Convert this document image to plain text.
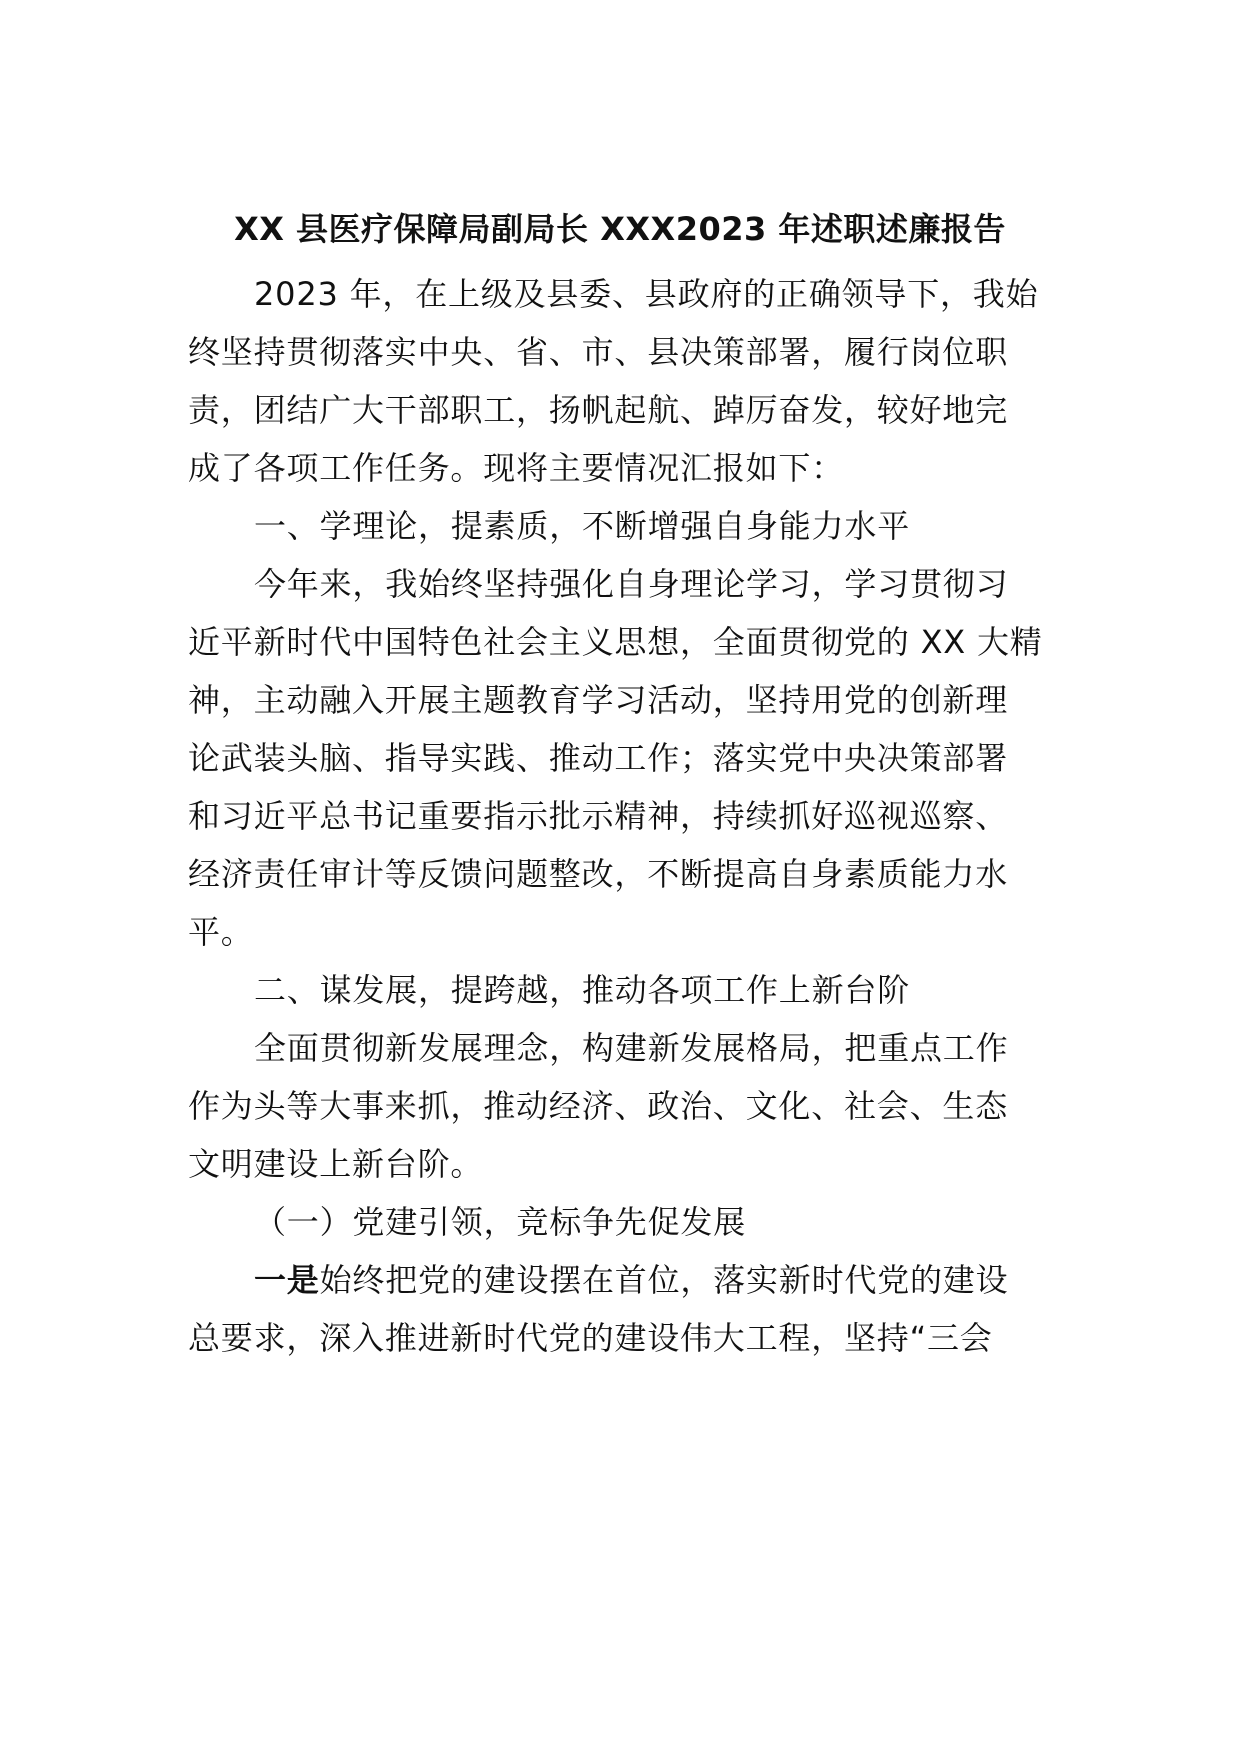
XX 县医疗保障局副局长 XXX2023 年述职述廉报告
2023 年，在上级及县委、县政府的正确领导下，我始
终坚持贯彻落实中央、省、市、县决策部署，履行岗位职
责，团结广大干部职工，扬帆起航、踔厉奋发，较好地完
成了各项工作任务。现将主要情况汇报如下：
一、学理论，提素质，不断增强自身能力水平
今年来，我始终坚持强化自身理论学习，学习贯彻习
近平新时代中国特色社会主义思想，全面贯彻党的 XX 大精
神，主动融入开展主题教育学习活动，坚持用党的创新理
论武装头脑、指导实践、推动工作；落实党中央决策部署
和习近平总书记重要指示批示精神，持续抓好巡视巡察、
经济责任审计等反馈问题整改，不断提高自身素质能力水
平。
二、谋发展，提跨越，推动各项工作上新台阶
全面贯彻新发展理念，构建新发展格局，把重点工作
作为头等大事来抓，推动经济、政治、文化、社会、生态
文明建设上新台阶。
（一）党建引领，竞标争先促发展
一是始终把党的建设摆在首位，落实新时代党的建设
总要求，深入推进新时代党的建设伟大工程，坚持“三会
